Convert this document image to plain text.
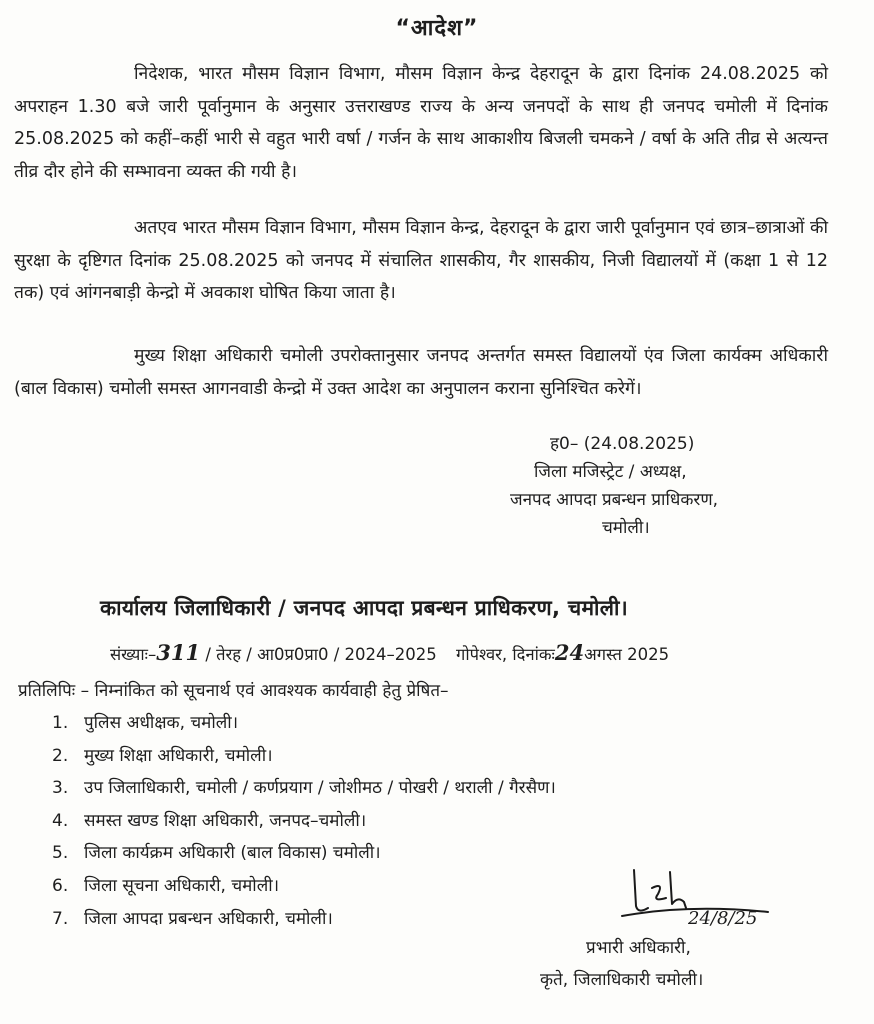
“आदेश”

निदेशक, भारत मौसम विज्ञान विभाग, मौसम विज्ञान केन्द्र देहरादून के द्वारा दिनांक 24.08.2025 को अपराहन 1.30 बजे जारी पूर्वानुमान के अनुसार उत्तराखण्ड राज्य के अन्य जनपदों के साथ ही जनपद चमोली में दिनांक 25.08.2025 को कहीं–कहीं भारी से वहुत भारी वर्षा / गर्जन के साथ आकाशीय बिजली चमकने / वर्षा के अति तीव्र से अत्यन्त तीव्र दौर होने की सम्भावना व्यक्त की गयी है।

अतएव भारत मौसम विज्ञान विभाग, मौसम विज्ञान केन्द्र, देहरादून के द्वारा जारी पूर्वानुमान एवं छात्र–छात्राओं की सुरक्षा के दृष्टिगत दिनांक 25.08.2025 को जनपद में संचालित शासकीय, गैर शासकीय, निजी विद्यालयों में (कक्षा 1 से 12 तक) एवं आंगनबाड़ी केन्द्रो में अवकाश घोषित किया जाता है।

मुख्य शिक्षा अधिकारी चमोली उपरोक्तानुसार जनपद अन्तर्गत समस्त विद्यालयों एंव जिला कार्यक्म अधिकारी (बाल विकास) चमोली समस्त आगनवाडी केन्द्रो में उक्त आदेश का अनुपालन कराना सुनिश्चित करेगें।

ह0– (24.08.2025)
जिला मजिस्ट्रेट / अध्यक्ष,
जनपद आपदा प्रबन्धन प्राधिकरण,
चमोली।
कार्यालय जिलाधिकारी / जनपद आपदा प्रबन्धन प्राधिकरण, चमोली।
संख्याः–311 / तेरह / आ0प्र0प्रा0 / 2024–2025 गोपेश्वर, दिनांकः24अगस्त 2025
प्रतिलिपिः – निम्नांकित को सूचनार्थ एवं आवश्यक कार्यवाही हेतु प्रेषित–
1. पुलिस अधीक्षक, चमोली।
2. मुख्य शिक्षा अधिकारी, चमोली।
3. उप जिलाधिकारी, चमोली / कर्णप्रयाग / जोशीमठ / पोखरी / थराली / गैरसैण।
4. समस्त खण्ड शिक्षा अधिकारी, जनपद–चमोली।
5. जिला कार्यक्रम अधिकारी (बाल विकास) चमोली।
6. जिला सूचना अधिकारी, चमोली।
7. जिला आपदा प्रबन्धन अधिकारी, चमोली।	24/8/25
प्रभारी अधिकारी,
कृते, जिलाधिकारी चमोली।
